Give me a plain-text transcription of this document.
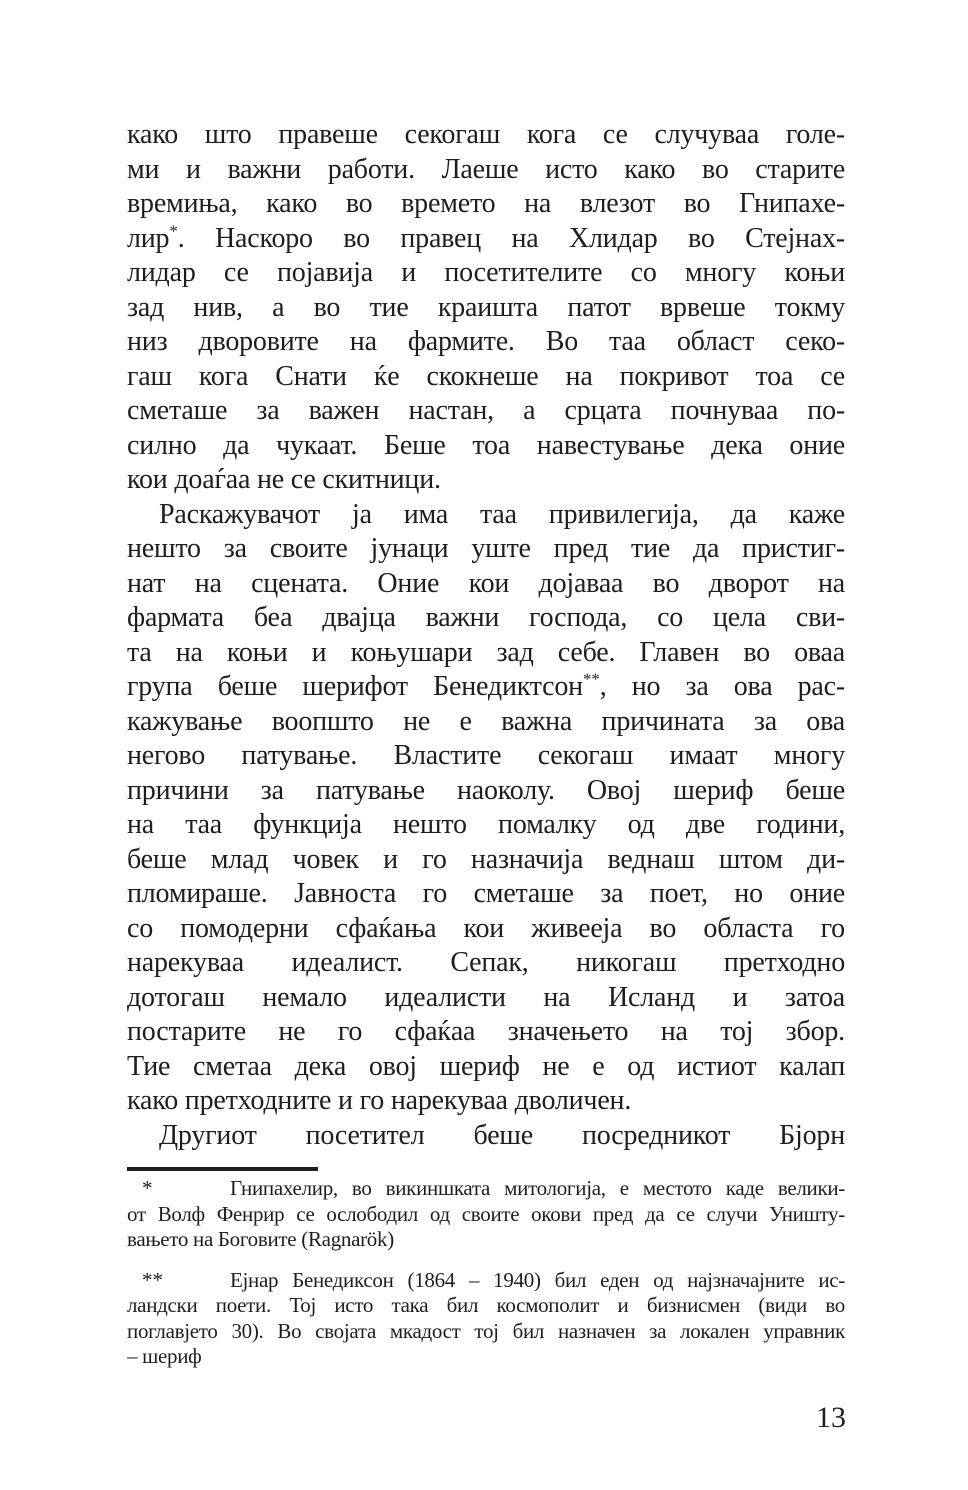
како што правеше секогаш кога се случуваа голе-
ми и важни работи. Лаеше исто како во старите
времиња, како во времето на влезот во Гнипахе-
лир*. Наскоро во правец на Хлидар во Стејнах-
лидар се појавија и посетителите со многу коњи
зад нив, а во тие краишта патот врвеше токму
низ дворовите на фармите. Во таа област секо-
гаш кога Снати ќе скокнеше на покривот тоа се
сметаше за важен настан, а срцата почнуваа по-
силно да чукаат. Беше тоа навестување дека оние
кои доаѓаа не се скитници.
Раскажувачот ја има таа привилегија, да каже
нешто за своите јунаци уште пред тие да пристиг-
нат на сцената. Оние кои дојаваа во дворот на
фармата беа двајца важни господа, со цела сви-
та на коњи и коњушари зад себе. Главен во оваа
група беше шерифот Бенедиктсон**, но за ова рас-
кажување воопшто не е важна причината за ова
негово патување. Властите секогаш имаат многу
причини за патување наоколу. Овој шериф беше
на таа функција нешто помалку од две години,
беше млад човек и го назначија веднаш штом ди-
пломираше. Јавноста го сметаше за поет, но оние
со помодерни сфаќања кои живееја во областа го
нарекуваа идеалист. Сепак, никогаш претходно
дотогаш немало идеалисти на Исланд и затоа
постарите не го сфаќаа значењето на тој збор.
Тие сметаа дека овој шериф не е од истиот калап
како претходните и го нарекуваа дволичен.
Другиот посетител беше посредникот Бјорн
*	Гнипахелир, во викиншката митологија, е местото каде велики-
от Волф Фенрир се ослободил од своите окови пред да се случи Уништу-
вањето на Боговите (Ragnarök)
**	Ејнар Бенедиксон (1864 – 1940) бил еден од најзначајните ис-
ландски поети. Тој исто така бил космополит и бизнисмен (види во
поглавјето 30). Во својата мкадост тој бил назначен за локален управник
– шериф
13
